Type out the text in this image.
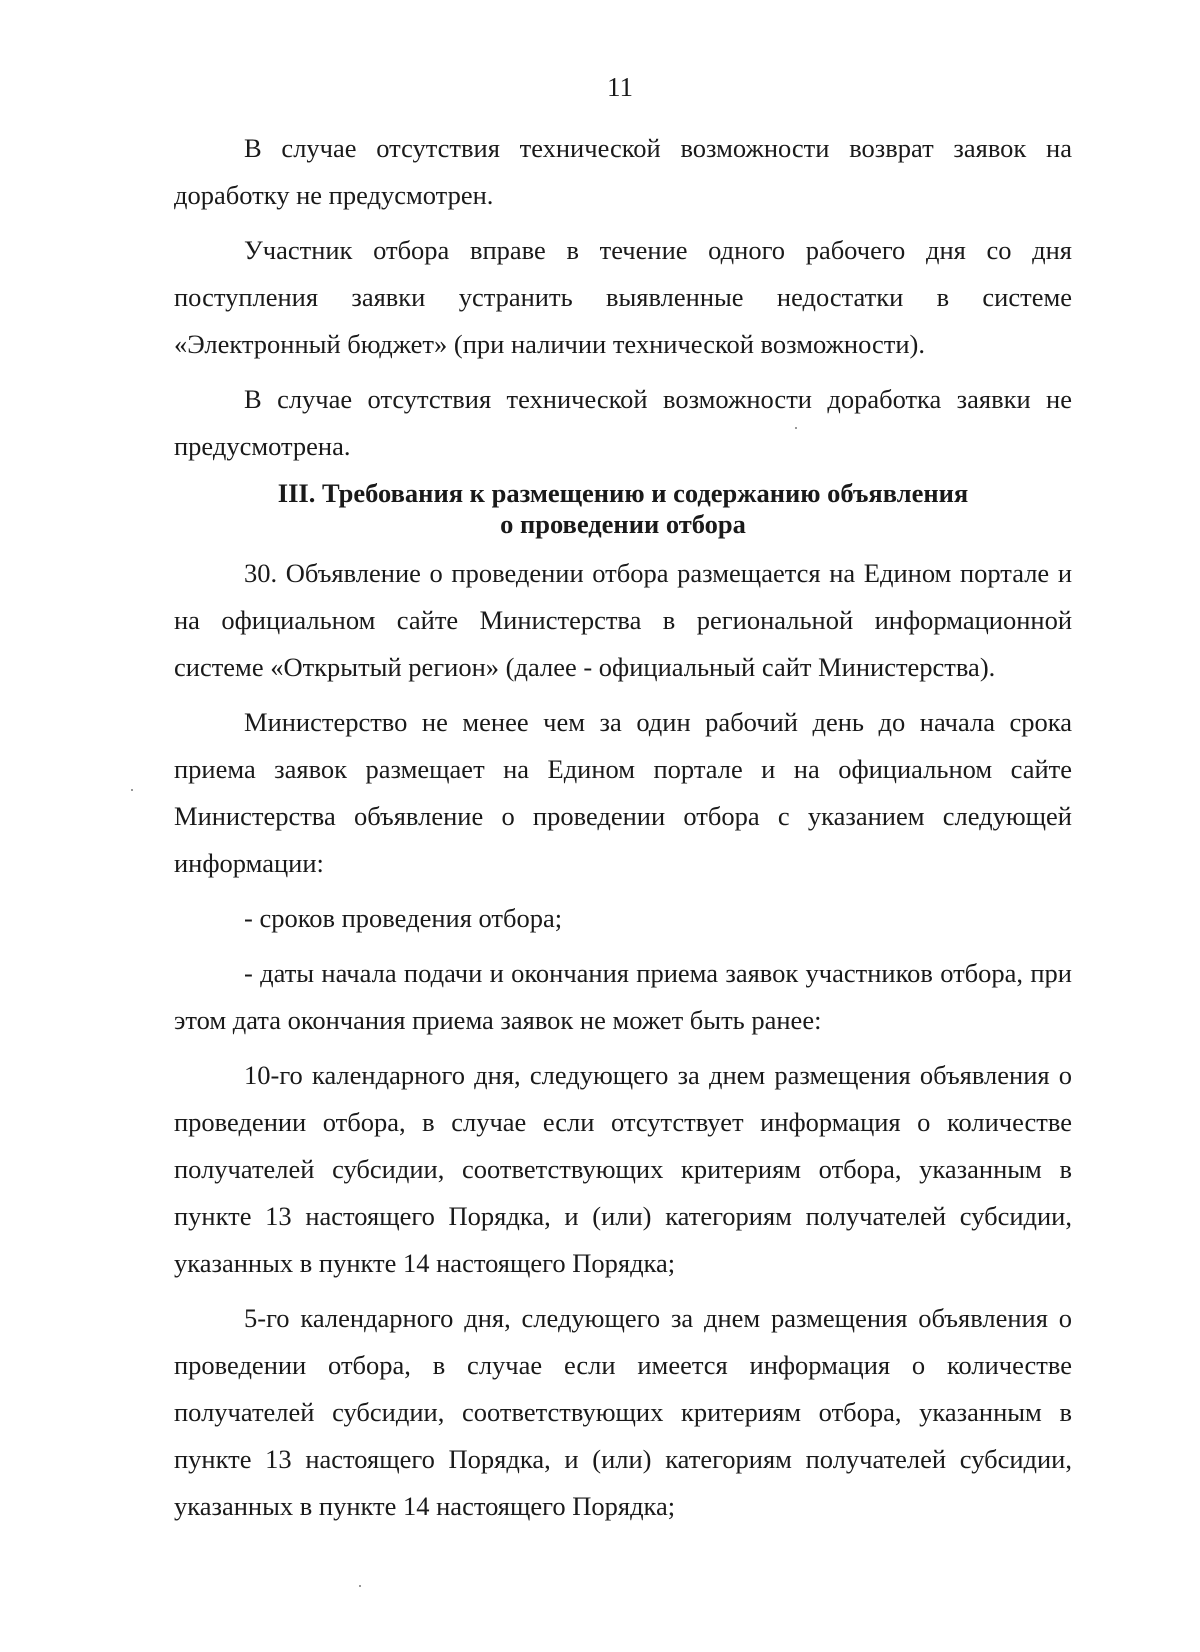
11

В случае отсутствия технической возможности возврат заявок на доработку не предусмотрен.

Участник отбора вправе в течение одного рабочего дня со дня поступления заявки устранить выявленные недостатки в системе «Электронный бюджет» (при наличии технической возможности).

В случае отсутствия технической возможности доработка заявки не предусмотрена.

III. Требования к размещению и содержанию объявления
о проведении отбора

30. Объявление о проведении отбора размещается на Едином портале и на официальном сайте Министерства в региональной информационной системе «Открытый регион» (далее - официальный сайт Министерства).

Министерство не менее чем за один рабочий день до начала срока приема заявок размещает на Едином портале и на официальном сайте Министерства объявление о проведении отбора с указанием следующей информации:

- сроков проведения отбора;

- даты начала подачи и окончания приема заявок участников отбора, при этом дата окончания приема заявок не может быть ранее:

10-го календарного дня, следующего за днем размещения объявления о проведении отбора, в случае если отсутствует информация о количестве получателей субсидии, соответствующих критериям отбора, указанным в пункте 13 настоящего Порядка, и (или) категориям получателей субсидии, указанных в пункте 14 настоящего Порядка;

5-го календарного дня, следующего за днем размещения объявления о проведении отбора, в случае если имеется информация о количестве получателей субсидии, соответствующих критериям отбора, указанным в пункте 13 настоящего Порядка, и (или) категориям получателей субсидии, указанных в пункте 14 настоящего Порядка;
